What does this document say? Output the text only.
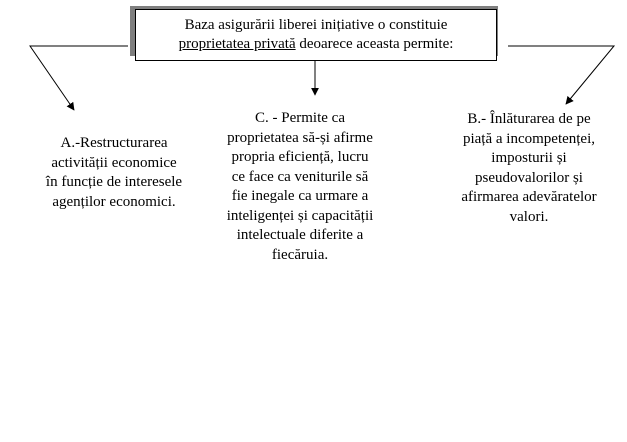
Baza asigurării liberei inițiative o constituie
proprietatea privată deoarece aceasta permite:
A.-Restructurarea
activității economice
în funcție de interesele
agenților economici.
C. - Permite ca
proprietatea să-și afirme
propria eficiență, lucru
ce face ca veniturile să
fie inegale ca urmare a
inteligenței și capacității
intelectuale diferite a
fiecăruia.
B.- Înlăturarea de pe
piață a incompetenței,
imposturii și
pseudovalorilor și
afirmarea adevăratelor
valori.
